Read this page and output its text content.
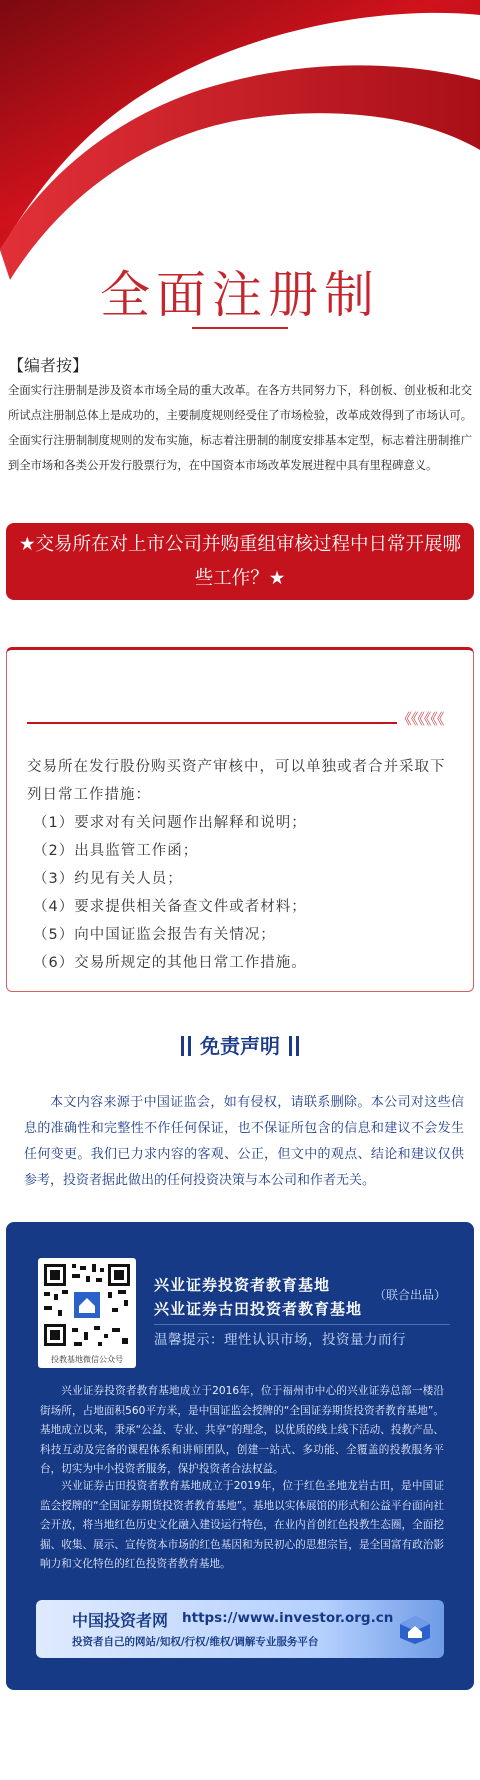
全面注册制
【编者按】
全面实行注册制是涉及资本市场全局的重大改革。在各方共同努力下，科创板、创业板和北交所试点注册制总体上是成功的，主要制度规则经受住了市场检验，改革成效得到了市场认可。全面实行注册制制度规则的发布实施，标志着注册制的制度安排基本定型，标志着注册制推广到全市场和各类公开发行股票行为，在中国资本市场改革发展进程中具有里程碑意义。
★交易所在对上市公司并购重组审核过程中日常开展哪些工作？★
《《《《《《
交易所在发行股份购买资产审核中，可以单独或者合并采取下列日常工作措施：
（1）要求对有关问题作出解释和说明；
（2）出具监管工作函；
（3）约见有关人员；
（4）要求提供相关备查文件或者材料；
（5）向中国证监会报告有关情况；
（6）交易所规定的其他日常工作措施。
免责声明
本文内容来源于中国证监会，如有侵权，请联系删除。本公司对这些信息的准确性和完整性不作任何保证，也不保证所包含的信息和建议不会发生任何变更。我们已力求内容的客观、公正，但文中的观点、结论和建议仅供参考，投资者据此做出的任何投资决策与本公司和作者无关。
投教基地微信公众号
兴业证券投资者教育基地
兴业证券古田投资者教育基地
（联合出品）
温馨提示：理性认识市场，投资量力而行
兴业证券投资者教育基地成立于2016年，位于福州市中心的兴业证券总部一楼沿街场所，占地面积560平方米，是中国证监会授牌的“全国证券期货投资者教育基地”。基地成立以来，秉承“公益、专业、共享”的理念，以优质的线上线下活动、投教产品、科技互动及完备的课程体系和讲师团队，创建一站式、多功能、全覆盖的投教服务平台，切实为中小投资者服务，保护投资者合法权益。
兴业证券古田投资者教育基地成立于2019年，位于红色圣地龙岩古田，是中国证监会授牌的“全国证券期货投资者教育基地”。基地以实体展馆的形式和公益平台面向社会开放，将当地红色历史文化融入建设运行特色，在业内首创红色投教生态圈，全面挖掘、收集、展示、宣传资本市场的红色基因和为民初心的思想宗旨，是全国富有政治影响力和文化特色的红色投资者教育基地。
中国投资者网 https://www.investor.org.cn
投资者自己的网站/知权/行权/维权/调解专业服务平台
